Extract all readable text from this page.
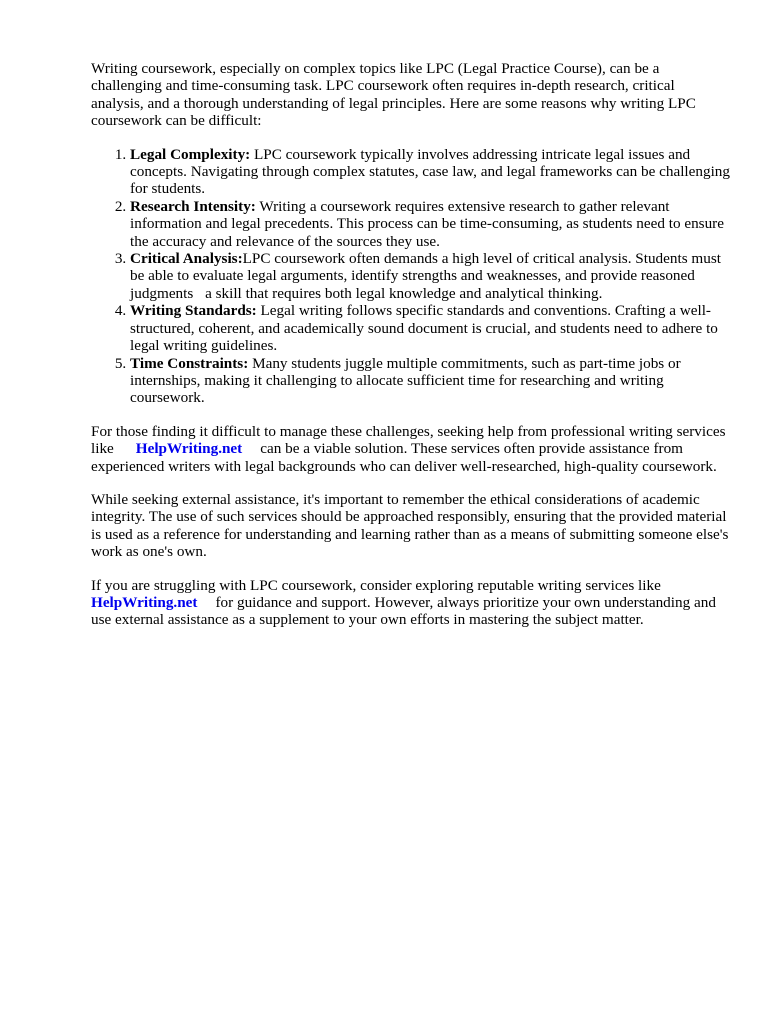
Writing coursework, especially on complex topics like LPC (Legal Practice Course), can be a challenging and time-consuming task. LPC coursework often requires in-depth research, critical analysis, and a thorough understanding of legal principles. Here are some reasons why writing LPC coursework can be difficult:

1. Legal Complexity: LPC coursework typically involves addressing intricate legal issues and concepts. Navigating through complex statutes, case law, and legal frameworks can be challenging for students.
2. Research Intensity: Writing a coursework requires extensive research to gather relevant information and legal precedents. This process can be time-consuming, as students need to ensure the accuracy and relevance of the sources they use.
3. Critical Analysis:LPC coursework often demands a high level of critical analysis. Students must be able to evaluate legal arguments, identify strengths and weaknesses, and provide reasoned judgments a skill that requires both legal knowledge and analytical thinking.
4. Writing Standards: Legal writing follows specific standards and conventions. Crafting a well-structured, coherent, and academically sound document is crucial, and students need to adhere to legal writing guidelines.
5. Time Constraints: Many students juggle multiple commitments, such as part-time jobs or internships, making it challenging to allocate sufficient time for researching and writing coursework.

For those finding it difficult to manage these challenges, seeking help from professional writing services like HelpWriting.net can be a viable solution. These services often provide assistance from experienced writers with legal backgrounds who can deliver well-researched, high-quality coursework.

While seeking external assistance, it's important to remember the ethical considerations of academic integrity. The use of such services should be approached responsibly, ensuring that the provided material is used as a reference for understanding and learning rather than as a means of submitting someone else's work as one's own.

If you are struggling with LPC coursework, consider exploring reputable writing services like HelpWriting.net for guidance and support. However, always prioritize your own understanding and use external assistance as a supplement to your own efforts in mastering the subject matter.
